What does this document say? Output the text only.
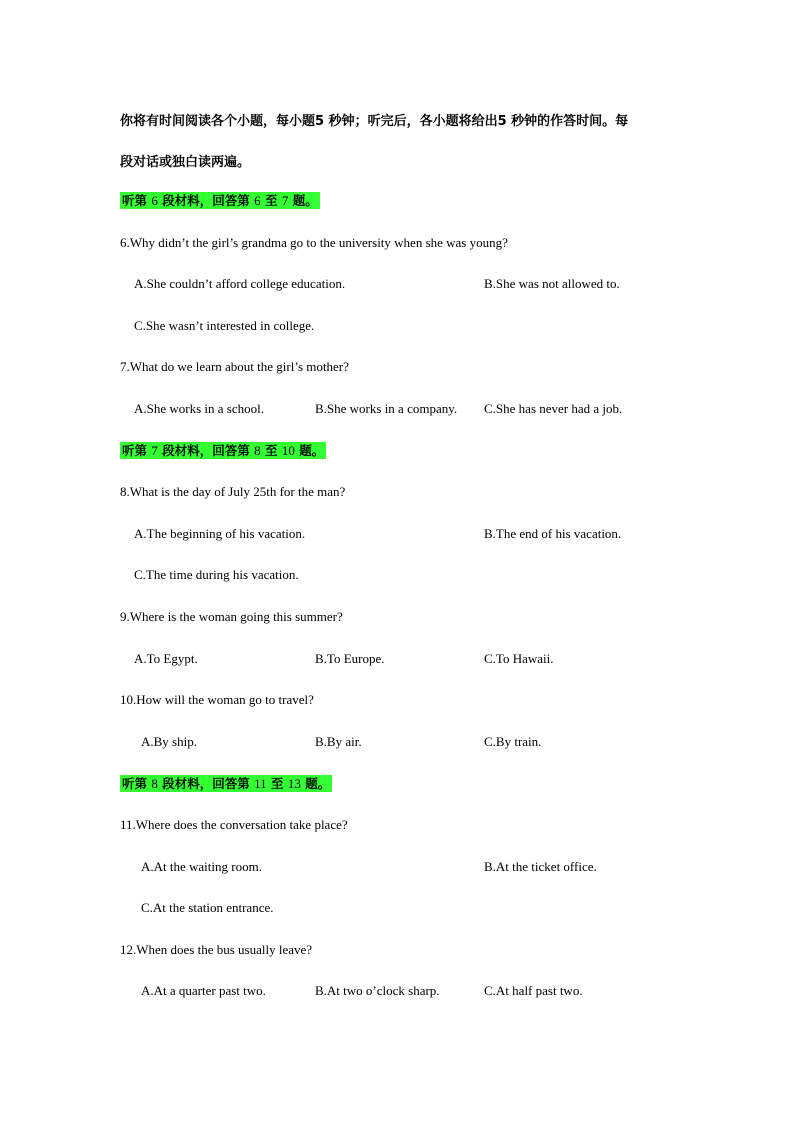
你将有时间阅读各个小题，每小题5 秒钟；听完后，各小题将给出5 秒钟的作答时间。每
段对话或独白读两遍。
听第 6 段材料，回答第 6 至 7 题。
6.Why didn’t the girl’s grandma go to the university when she was young?
A.She couldn’t afford college education.	B.She was not allowed to.
C.She wasn’t interested in college.
7.What do we learn about the girl’s mother?
A.She works in a school.	B.She works in a company. C.She has never had a job.
听第 7 段材料，回答第 8 至 10 题。
8.What is the day of July 25th for the man?
A.The beginning of his vacation.	B.The end of his vacation.
C.The time during his vacation.
9.Where is the woman going this summer?
A.To Egypt.	B.To Europe.	C.To Hawaii.
10.How will the woman go to travel?
A.By ship.	B.By air.	C.By train.
听第 8 段材料，回答第 11 至 13 题。
11.Where does the conversation take place?
A.At the waiting room.	B.At the ticket office.
C.At the station entrance.
12.When does the bus usually leave?
A.At a quarter past two.	B.At two o’clock sharp.	C.At half past two.
